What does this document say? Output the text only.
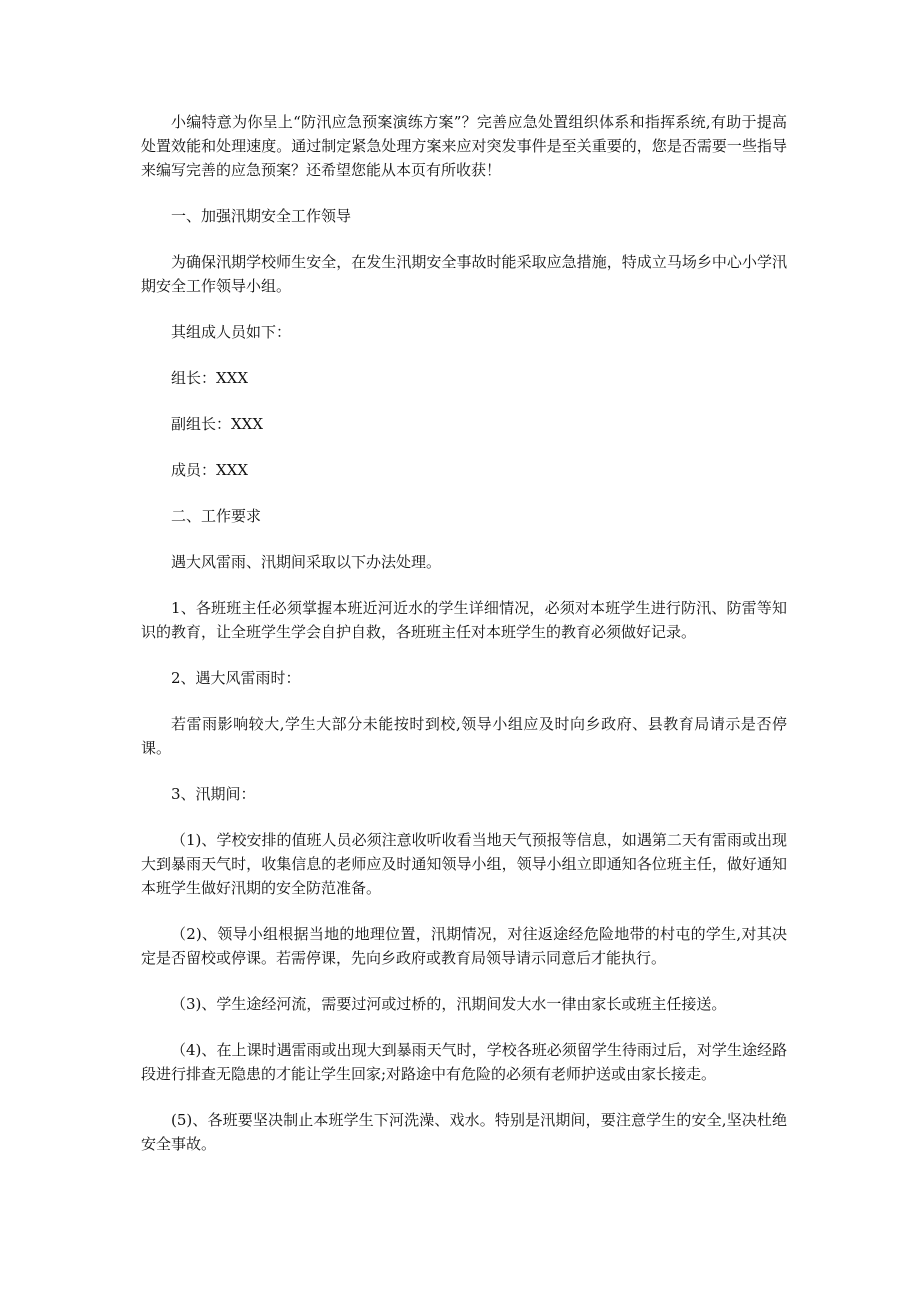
小编特意为你呈上“防汛应急预案演练方案”？完善应急处置组织体系和指挥系统,有助于提高处置效能和处理速度。通过制定紧急处理方案来应对突发事件是至关重要的，您是否需要一些指导来编写完善的应急预案？还希望您能从本页有所收获！

一、加强汛期安全工作领导

为确保汛期学校师生安全，在发生汛期安全事故时能采取应急措施，特成立马场乡中心小学汛期安全工作领导小组。

其组成人员如下：

组长：XXX

副组长：XXX

成员：XXX

二、工作要求

遇大风雷雨、汛期间采取以下办法处理。

1、各班班主任必须掌握本班近河近水的学生详细情况，必须对本班学生进行防汛、防雷等知识的教育，让全班学生学会自护自救，各班班主任对本班学生的教育必须做好记录。

2、遇大风雷雨时：

若雷雨影响较大,学生大部分未能按时到校,领导小组应及时向乡政府、县教育局请示是否停课。

3、汛期间：

（1)、学校安排的值班人员必须注意收听收看当地天气预报等信息，如遇第二天有雷雨或出现大到暴雨天气时，收集信息的老师应及时通知领导小组，领导小组立即通知各位班主任，做好通知本班学生做好汛期的安全防范准备。

（2)、领导小组根据当地的地理位置，汛期情况，对往返途经危险地带的村屯的学生,对其决定是否留校或停课。若需停课，先向乡政府或教育局领导请示同意后才能执行。

（3)、学生途经河流，需要过河或过桥的，汛期间发大水一律由家长或班主任接送。

（4)、在上课时遇雷雨或出现大到暴雨天气时，学校各班必须留学生待雨过后，对学生途经路段进行排查无隐患的才能让学生回家;对路途中有危险的必须有老师护送或由家长接走。

(5)、各班要坚决制止本班学生下河洗澡、戏水。特别是汛期间，要注意学生的安全,坚决杜绝安全事故。
